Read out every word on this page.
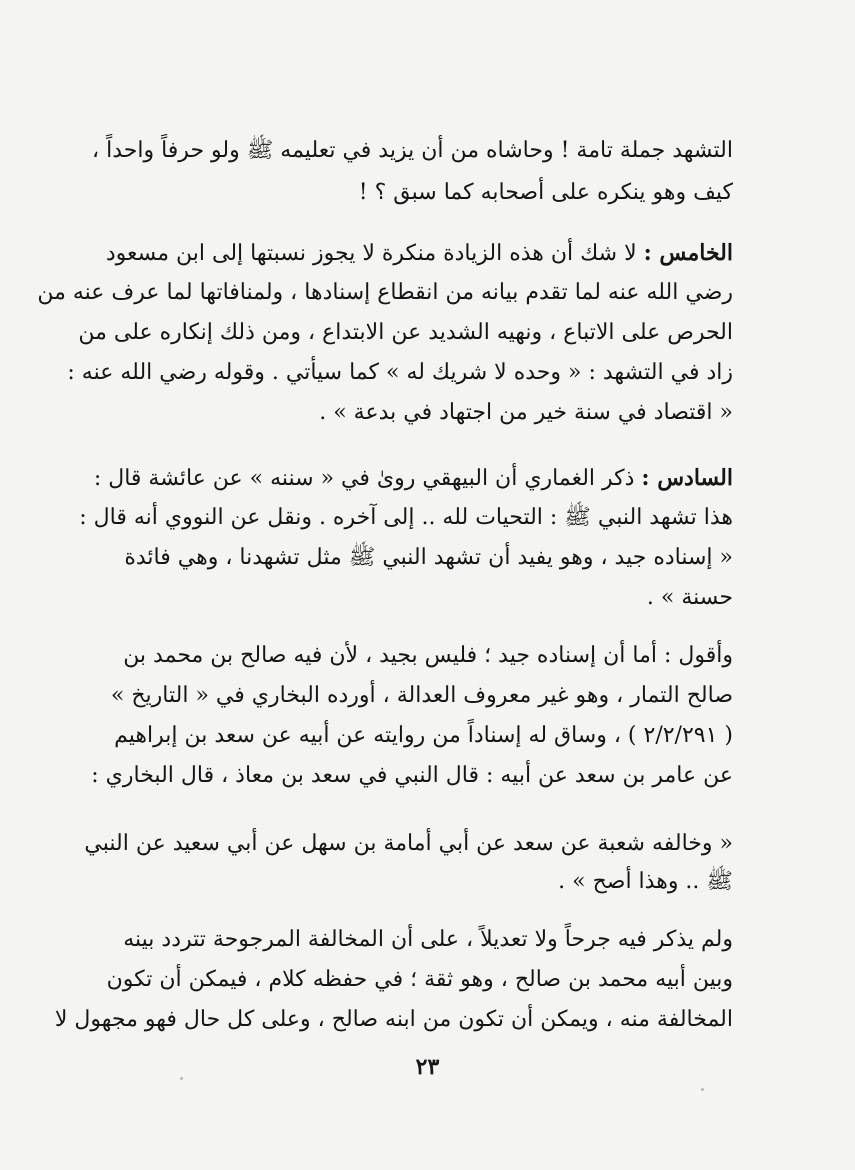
التشهد جملة تامة ! وحاشاه من أن يزيد في تعليمه ﷺ ولو حرفاً واحداً ،
كيف وهو ينكره على أصحابه كما سبق ؟ !
الخامس : لا شك أن هذه الزيادة منكرة لا يجوز نسبتها إلى ابن مسعود
رضي الله عنه لما تقدم بيانه من انقطاع إسنادها ، ولمنافاتها لما عرف عنه من
الحرص على الاتباع ، ونهيه الشديد عن الابتداع ، ومن ذلك إنكاره على من
زاد في التشهد : « وحده لا شريك له » كما سيأتي . وقوله رضي الله عنه :
« اقتصاد في سنة خير من اجتهاد في بدعة » .
السادس : ذكر الغماري أن البيهقي روىٰ في « سننه » عن عائشة قال :
هذا تشهد النبي ﷺ : التحيات لله .. إلى آخره . ونقل عن النووي أنه قال :
« إسناده جيد ، وهو يفيد أن تشهد النبي ﷺ مثل تشهدنا ، وهي فائدة
حسنة » .
وأقول : أما أن إسناده جيد ؛ فليس بجيد ، لأن فيه صالح بن محمد بن
صالح التمار ، وهو غير معروف العدالة ، أورده البخاري في « التاريخ »
( ٢/٢/٢٩١ ) ، وساق له إسناداً من روايته عن أبيه عن سعد بن إبراهيم
عن عامر بن سعد عن أبيه : قال النبي في سعد بن معاذ ، قال البخاري :
« وخالفه شعبة عن سعد عن أبي أمامة بن سهل عن أبي سعيد عن النبي
ﷺ .. وهذا أصح » .
ولم يذكر فيه جرحاً ولا تعديلاً ، على أن المخالفة المرجوحة تتردد بينه
وبين أبيه محمد بن صالح ، وهو ثقة ؛ في حفظه كلام ، فيمكن أن تكون
المخالفة منه ، ويمكن أن تكون من ابنه صالح ، وعلى كل حال فهو مجهول لا
٢٣
